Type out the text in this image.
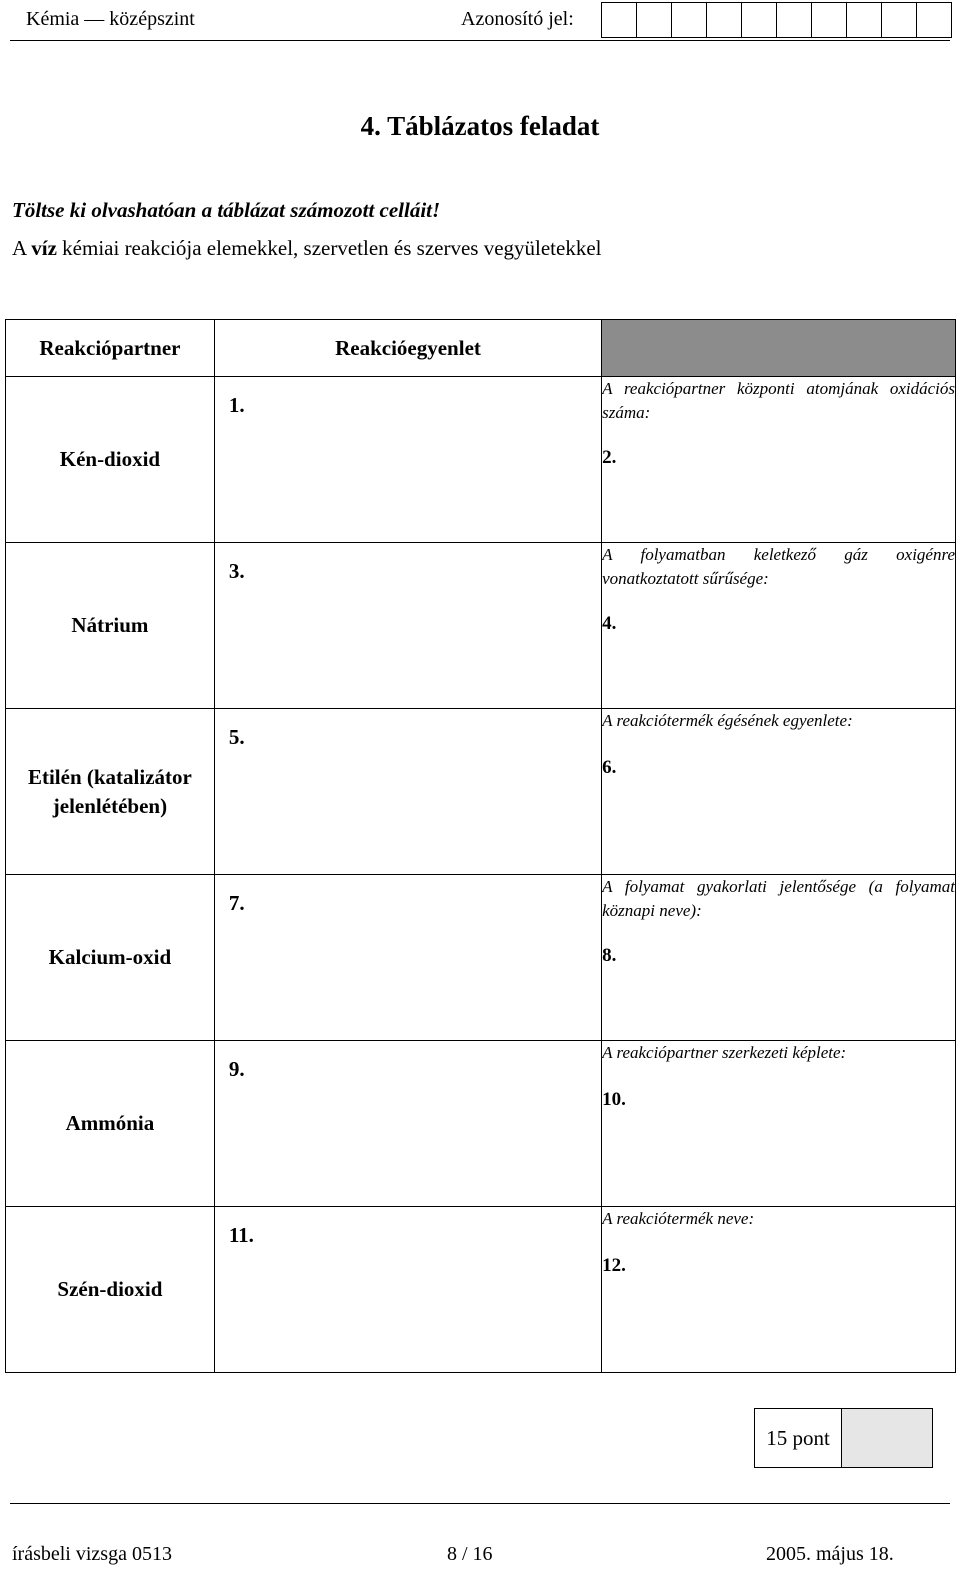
Kémia — középszint	Azonosító jel:
4. Táblázatos feladat
Töltse ki olvashatóan a táblázat számozott celláit!
A víz kémiai reakciója elemekkel, szervetlen és szerves vegyületekkel
Reakciópartner	Reakcióegyenlet	
Kén-dioxid	1.	A reakciópartner központi atomjának oxidációs száma:
2.

Nátrium	3.	A folyamatban keletkező gáz oxigénre vonatkoztatott sűrűsége:
4.

Etilén (katalizátor jelenlétében)	5.	A reakciótermék égésének egyenlete:
6.

Kalcium-oxid	7.	A folyamat gyakorlati jelentősége (a folyamat köznapi neve):
8.

Ammónia	9.	A reakciópartner szerkezeti képlete:
10.

Szén-dioxid	11.	A reakciótermék neve:
12.
15 pont
írásbeli vizsga 0513	8 / 16	2005. május 18.
